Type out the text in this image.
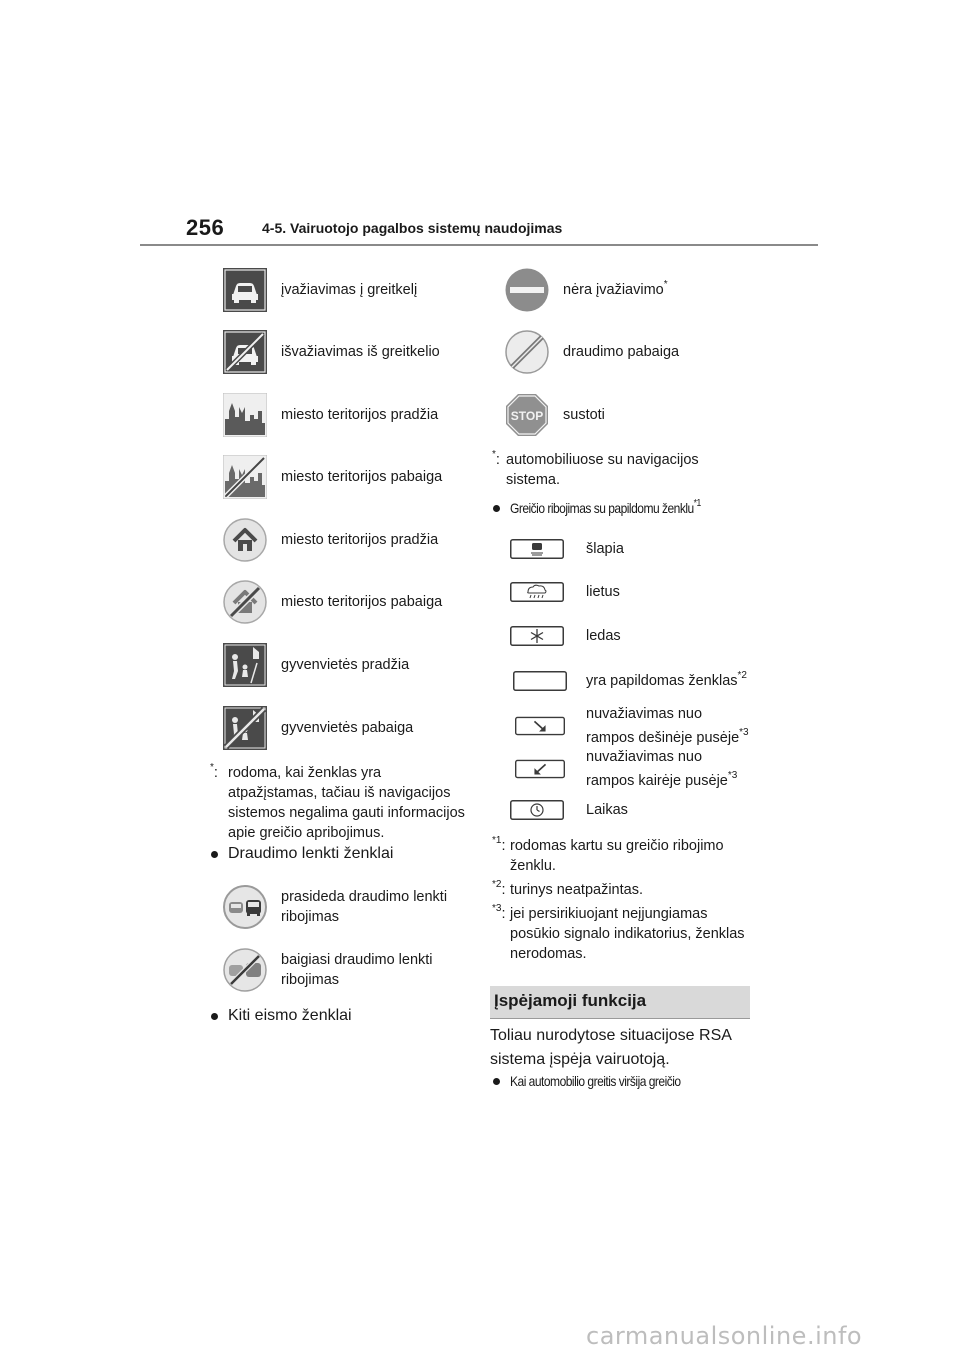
256	4-5. Vairuotojo pagalbos sistemų naudojimas
įvažiavimas į greitkelį
išvažiavimas iš greitkelio
miesto teritorijos pradžia
miesto teritorijos pabaiga
miesto teritorijos pradžia
miesto teritorijos pabaiga
gyvenvietės pradžia
gyvenvietės pabaiga
*: rodoma, kai ženklas yra
atpažįstamas, tačiau iš navigacijos
sistemos negalima gauti informacijos
apie greičio apribojimus.
Draudimo lenkti ženklai
prasideda draudimo lenkti
ribojimas
baigiasi draudimo lenkti
ribojimas
Kiti eismo ženklai
nėra įvažiavimo*
draudimo pabaiga
STOP sustoti
*: automobiliuose su navigacijos
sistema.
Greičio ribojimas su papildomu ženklu$^{*1}$
šlapia
lietus
ledas
yra papildomas ženklas$^{*2}$
nuvažiavimas nuo
rampos dešinėje pusėje$^{*3}$
nuvažiavimas nuo
rampos kairėje pusėje$^{*3}$
Laikas
$^{*1}$: rodomas kartu su greičio ribojimo
ženklu.
$^{*2}$: turinys neatpažintas.
$^{*3}$: jei persirikiuojant neįjungiamas
posūkio signalo indikatorius, ženklas
nerodomas.
Įspėjamoji funkcija
Toliau nurodytose situacijose RSA
sistema įspėja vairuotoją.
Kai automobilio greitis viršija greičio
carmanualsonline.info
